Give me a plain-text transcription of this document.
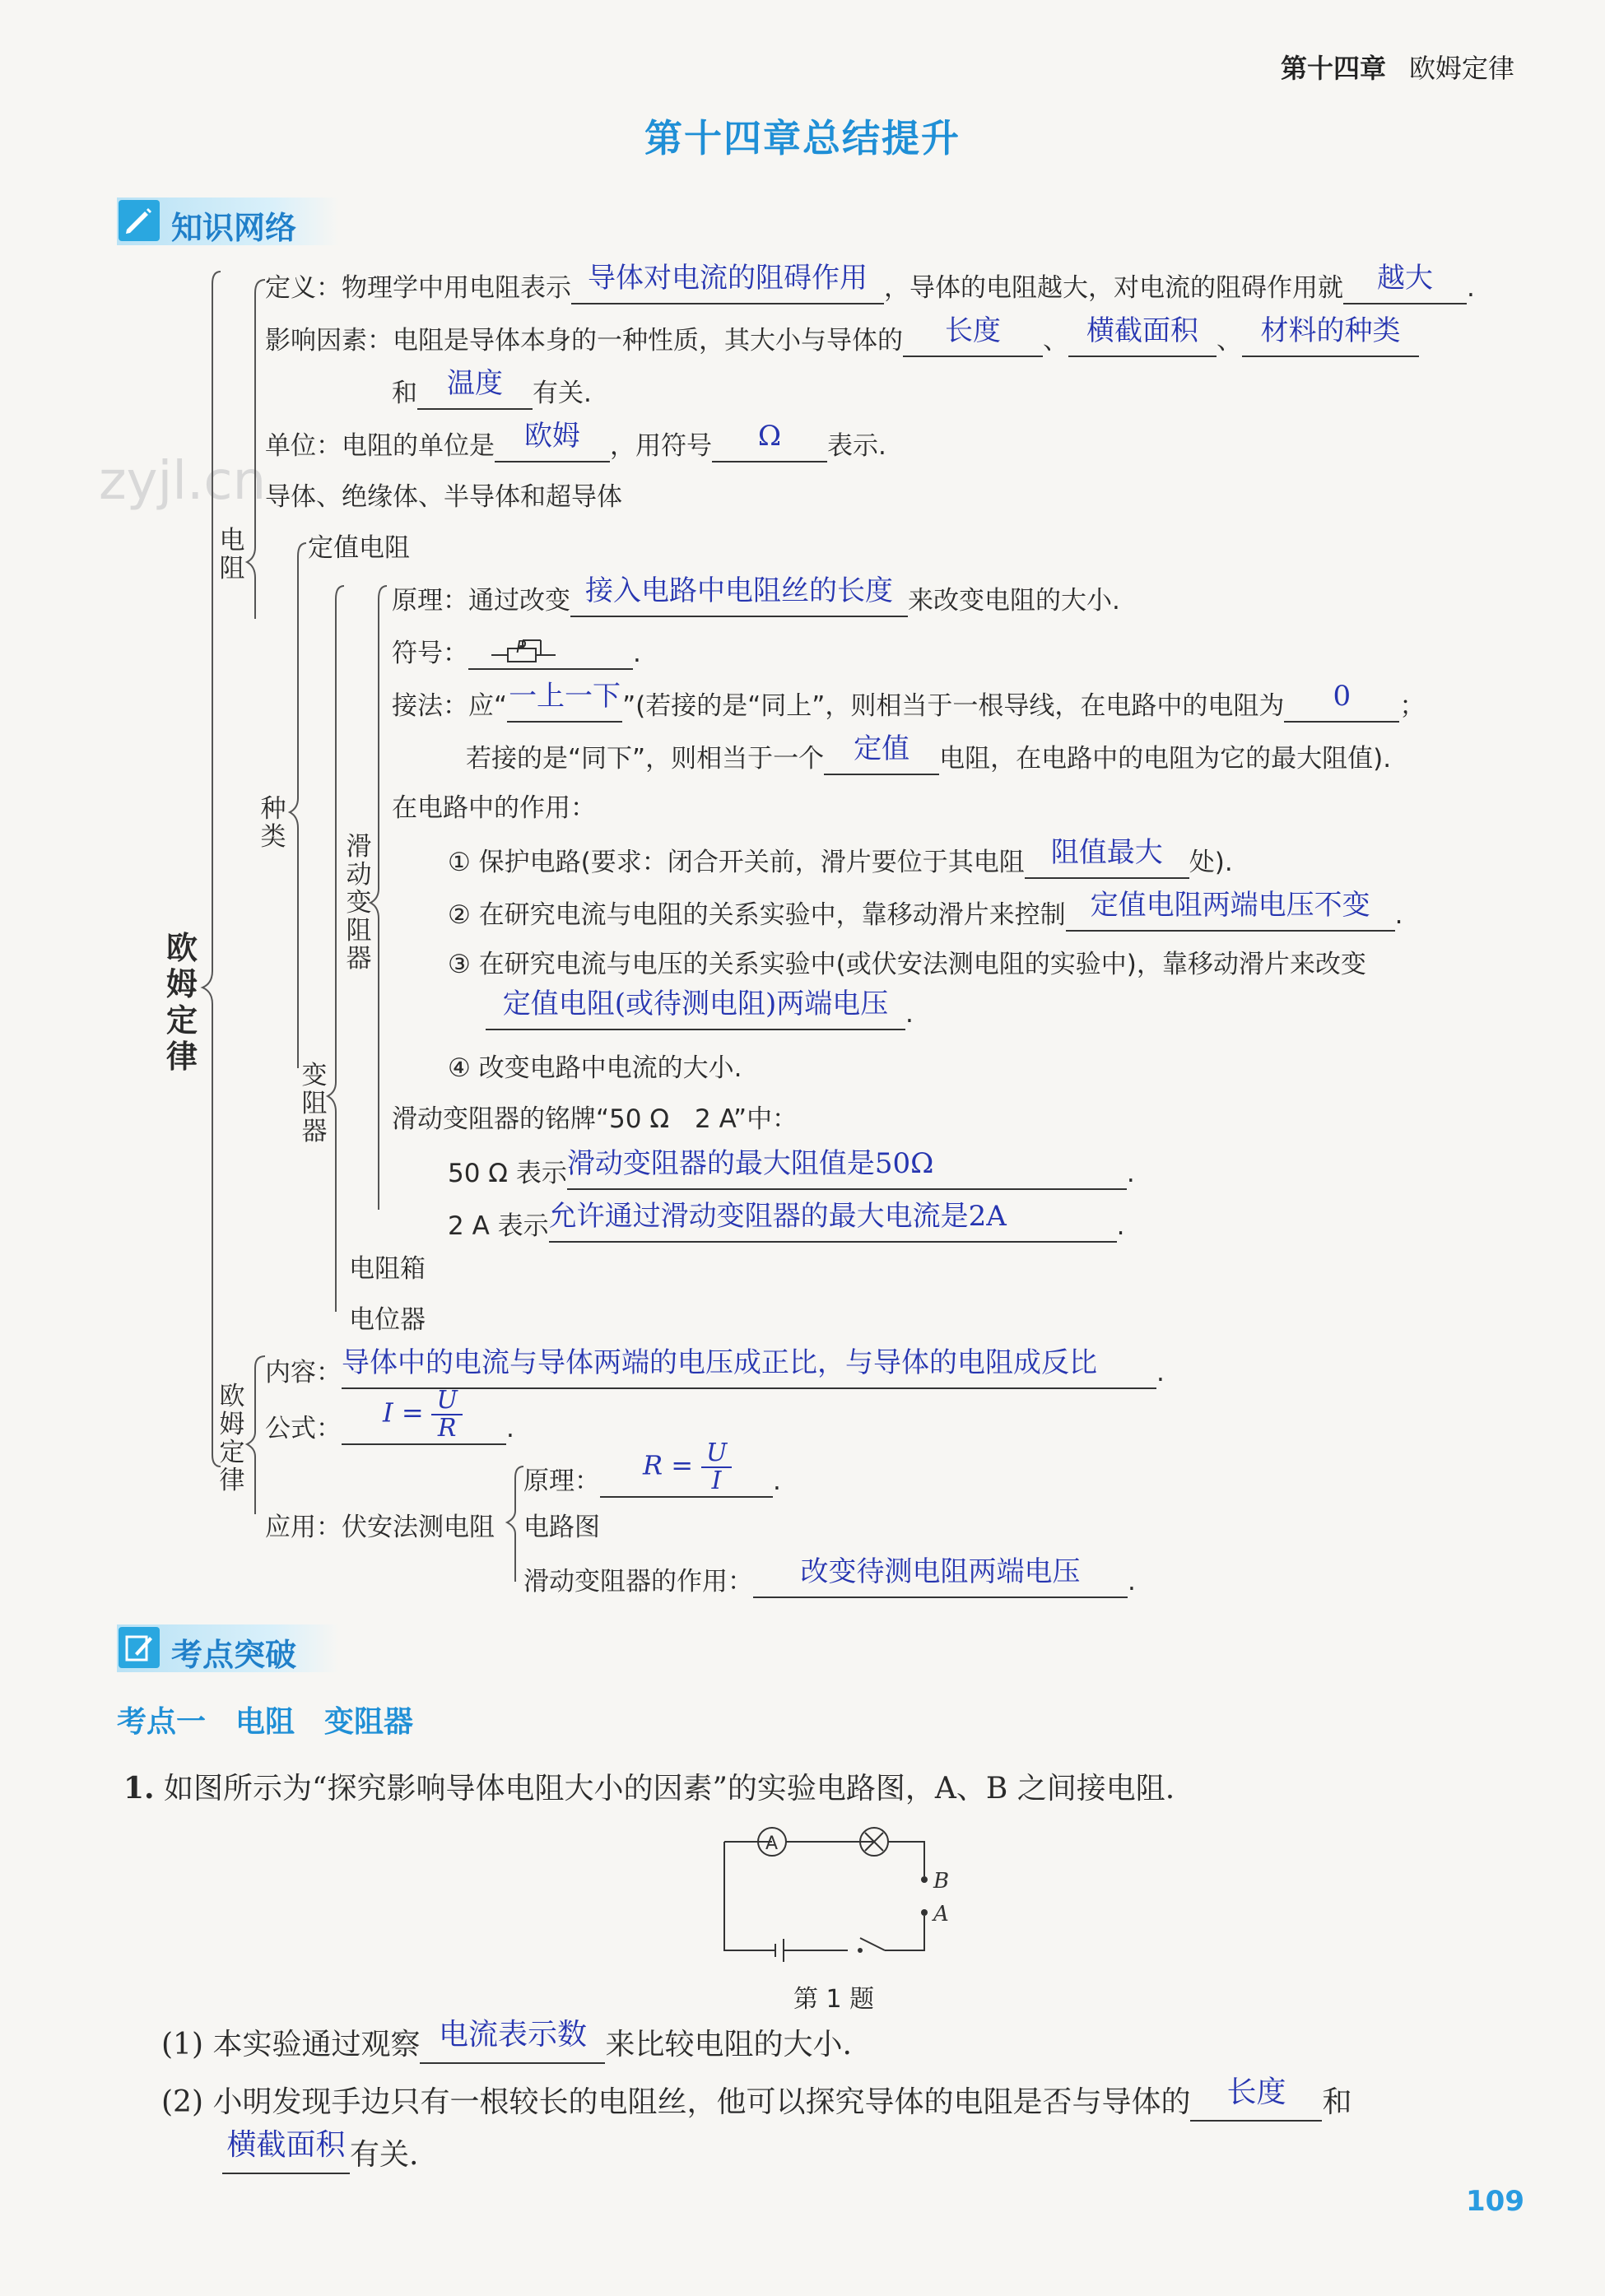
第十四章 欧姆定律
第十四章总结提升
知识网络
zyjl.cn
欧姆定律
电阻
种类
变阻器
滑动变阻器
欧姆定律
定义：物理学中用电阻表示 导体对电流的阻碍作用 ，导体的电阻越大，对电流的阻碍作用就 越大 .
影响因素：电阻是导体本身的一种性质，其大小与导体的 长度 、 横截面积 、 材料的种类
和 温度 有关.
单位：电阻的单位是 欧姆 ，用符号 Ω 表示.
导体、绝缘体、半导体和超导体
定值电阻
原理：通过改变 接入电路中电阻丝的长度 来改变电阻的大小.
符号：	P	.
接法：应“一上一下”(若接的是“同上”，则相当于一根导线，在电路中的电阻为 0 ；
若接的是“同下”，则相当于一个 定值 电阻，在电路中的电阻为它的最大阻值).
在电路中的作用：
① 保护电路(要求：闭合开关前，滑片要位于其电阻 阻值最大 处).
② 在研究电流与电阻的关系实验中，靠移动滑片来控制 定值电阻两端电压不变 .
③ 在研究电流与电压的关系实验中(或伏安法测电阻的实验中)，靠移动滑片来改变
定值电阻(或待测电阻)两端电压 .
④ 改变电路中电流的大小.
滑动变阻器的铭牌“50 Ω　2 A”中：
50 Ω 表示滑动变阻器的最大阻值是50Ω	.
2 A 表示允许通过滑动变阻器的最大电流是2A	.
电阻箱
电位器
内容：导体中的电流与导体两端的电压成正比，与导体的电阻成反比 .
公式：
$I = \frac{U}{R}$ .
原理：
$R = \frac{U}{I}$ .
应用：伏安法测电阻 电路图
滑动变阻器的作用： 改变待测电阻两端电压 .
考点突破
考点一　电阻　变阻器
1. 如图所示为“探究影响导体电阻大小的因素”的实验电路图，A、B 之间接电阻.
A
B
A
第 1 题
(1) 本实验通过观察 电流表示数 来比较电阻的大小.
(2) 小明发现手边只有一根较长的电阻丝，他可以探究导体的电阻是否与导体的 长度 和
横截面积 有关.
109
